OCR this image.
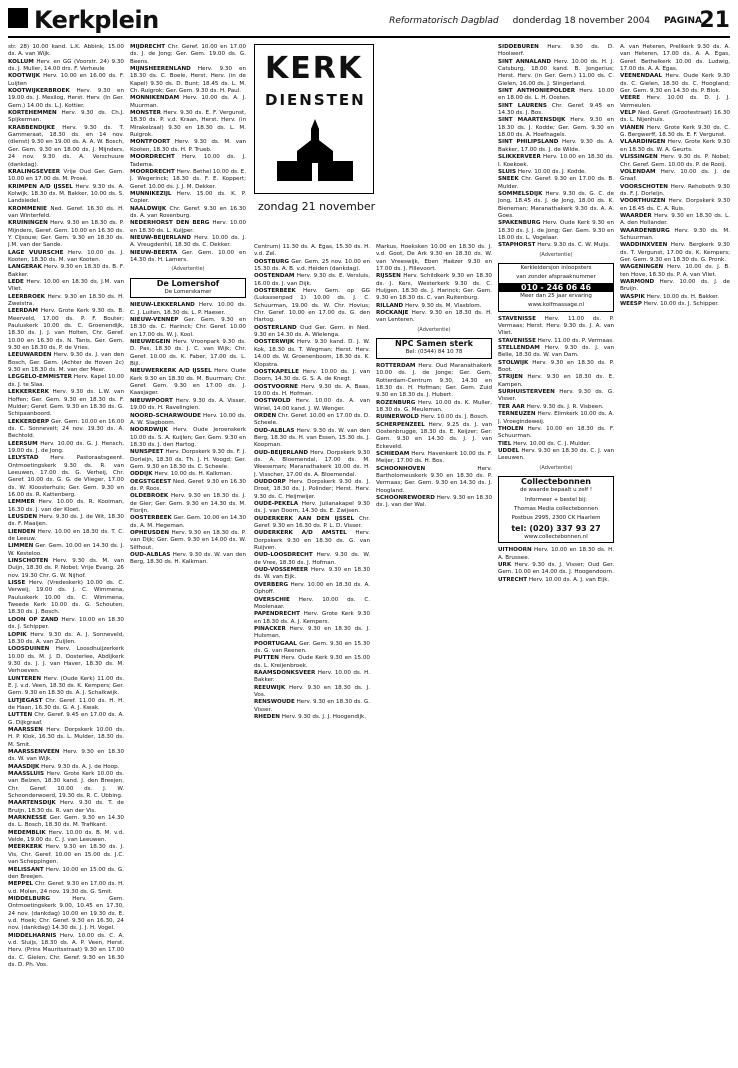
Kerkplein	Reformatorisch Dagblad donderdag 18 november 2004 PAGINA
21

str. 28) 10.00 kand. L.K. Abbink, 15.00 ds. A. van Wijk.

KOLLUM Herv. en GG (Voorstr. 24) 9.30 ds. J. Muller, 14.00 drs. F. Verheule

KOOTWIJK Herv. 10.00 en 16.00 ds. F. Luijten

KOOTWIJKERBROEK Herv. 9.30 en 19.00 ds. J. Mesilog, Herst. Herv. (In Ger. Gem.) 14.00 ds. L.J. Kottier.

KORTEHEMMEN Herv. 9.30 ds. Ch.J. Spijkerman.

KRABBENDIJKE Herv. 9.30 ds. T. Gammeraat, 18.30 ds. en 14 nov. (dienst) 9.30 en 19.00 ds. A. A. W. Bosch, Ger. Gem. 9.30 en 18.00 ds. J. Mijnders, 24 nov. 9.30 ds. A. Verschuure (dankdag).

KRALINGSEVEER Vrije Oud Ger. Gem. 10.00 en 17.00 ds. M. Prosé.

KRIMPEN A/D IJSSEL Herv. 9.30 ds. A. Kolwijk, 18.30 ds. M. Bakker, 10.00 ds. S. Landsiedel.

KROMMENIE Ned. Geref. 16.30 ds. H. van Winterfeld.

KRUININGEN Herv. 9.30 en 18.30 ds. P. Mijnders, Geref. Gem. 10.00 en 16.30 ds. Y. Cijsouw; Ger. Gem. 9.30 en 18.30 ds. J.M. van der Sande.

LAGE VUURSCHE Herv. 10.00 ds. J. Kooten, 18.30 ds. M. van Kooten.

LANGERAK Herv. 9.30 en 18.30 ds. B. F. Bakker.

LEDE Herv. 10.00 en 18.30 ds. J.M. van Vliet.

LEERBROEK Herv. 9.30 en 18.30 ds. H. Zweistra.

LEERDAM Herv. Grote Kerk 9.30 ds. B. Meerveld, 17.00 ds. P. F. Bouter; Pauluskerk 10.00 ds. C. Groenendijk, 18.30 ds. J. J. van Holten, Chr. Geref. 10.00 en 16.30 ds. N. Tanis, Ger. Gem. 9.30 en 18.30 ds. P. de Vries.

LEEUWARDEN Herv. 9.30 ds. J. van den Bosch, Ger. Gem. (Achter de Hoven 2c) 9.30 en 18.30 ds. M. van der Meer.

LEGGELO-EMMISTER Herv. Kapel 10.00 ds. J. te Slaa.

LEKKERKERK Herv. 9.30 ds. L.W. van Hoffen; Ger. Gem. 9.30 en 18.30 ds. F. Mulder; Geref. Gem. 9.30 en 18.30 ds. G. Schipaanboord.

LEKKERDERP Ger. Gem. 10.00 en 16.00 ds. C. Sonnevelt; 24 nov. 19.30 ds. A. Bechtold.

LEERSUM Herv. 10.00 ds. G. J. Hensch, 19.00 ds. J. de Jong.

LELYSTAD Herv. Pastoraatsgeent. Ontmoetingskerk 9.30 ds. R. van Leeuwen, 17.00 ds. G. Verheij, Chr. Geref. 10.00 ds. G. G. de Vlieger, 17.00 ds. W. Kloosterhuis; Ger. Gem. 9.30 en 16.00 ds. R. Kattenberg.

LEMMER Herv. 10.00 ds. R. Kooiman, 16.30 ds. J. van der Kloet.

LEUSDEN Herv. 9.30 ds. J. de Wit, 18.30 ds. F. Maaijen.

LIENDEN Herv. 10.00 en 18.30 ds. T. C. de Leeuw.

LIMMEN Ger. Gem. 10.00 en 14.30 ds. J. W. Kesteloo.

LINSCHOTEN Herv. 9.30 ds. M. van Duijn, 18.30 ds. P. Nobel; Vrije Evang. 26 nov. 19.30 Chr. G. W. Nijhof.

LISSE Herv. (Vredeskerk) 10.00 ds. C. Verweij, 19.00 ds. J. C. Wimmena, Pauluskerk 10.00 ds. C. Wimmena, Tweede Kerk 10.00 ds. G. Schouten, 18.30 ds. J. Bosch.

LOON OP ZAND Herv. 10.00 en 18.30 ds. J. Schipper.

LOPIK Herv. 9.30 ds. A. J. Sonneveld, 18.30 ds. A. van Zuijlen.

LOOSDUINEN Herv. Loosdhuijzerkerk 10.00 ds. M. J. D. Oosterlee, Abdijkerk 9.30 ds. J. J. van Haver, 18.30 ds. M. Verhoeven.

LUNTEREN Herv. (Oude Kerk) 11.00 ds. E. J. v.d. Veen, 18.30 ds. K. Kempers; Ger. Gem. 9.30 en 18.30 ds. A. J. Schalkwijk.

LUTJEGAST Chr. Geref. 11.00 ds. H. H. de Haan, 16.30 ds. G. A. J. Kwak.

LUTTEN Chr. Geref. 9.45 en 17.00 ds. A. G. Dijkgraaf.

MAARSSEN Herv. Dorpskerk 10.00 ds. H. P. Klok, 16.30 ds. L. Mulder, 18.30 ds. M. Smit.

MAARSSENVEEN Herv. 9.30 en 18.30 ds. W. van Wijk.

MAASDIJK Herv. 9.30 ds. A. J. de Hoop.

MAASSLUIS Herv. Grote Kerk 10.00 ds. van Belzen, 18.30 kand. J. den Breejen, Chr. Geref. 10.00 ds. J. W. Schoonderwoerd, 19.30 ds. R. C. Ubbing.

MAARTENSDIJK Herv. 9.30 ds. T. de Bruijn, 18.30 ds. R. van der Vis.

MARKNESSE Ger. Gem. 9.30 en 14.30 ds. L. Bosch, 18.30 ds. M. Trafikant.

MEDEMBLIK Herv. 10.00 ds. B. M. v.d. Velde, 19.00 ds. C. J. van Leeuwen.

MEERKERK Herv. 9.30 en 18.30 ds. J. Vis, Chr. Geref. 10.00 en 15.00 ds. J.C. van Scheppingen.

MELISSANT Herv. 10.00 en 15.00 ds. G. den Breejen.

MEPPEL Chr. Geref. 9.30 en 17.00 ds. H. v.d. Molen, 24 nov. 19.30 ds. G. Smit.

MIDDELBURG Herv. Gem. Ontmoetingskerk 9.00, 10.45 en 17.30, 24 nov. (dankdag) 10.00 en 19.30 ds. E. v.d. Hoek; Chr. Geref. 9.30 en 16.30, 24 nov. (dankdag) 14.30 ds. J. J. H. Vogel.

MIDDELHARNIS Herv. 10.00 ds. C. A. v.d. Sluijs, 18.30 ds. A. P. Veen, Herst. Herv. (Prins Mauritsstraat) 9.30 en 17.00 ds. C. Gielen, Chr. Geref. 9.30 en 16.30 ds. D. Ph. Vos.

MIJDRECHT Chr. Geref. 10.00 en 17.00 ds. J. de Jong; Ger. Gem. 19.00 ds. G. Beens.

MIJNSHEERENLAND Herv. 9.30 en 18.30 ds. C. Boele, Herst. Herv. (in de Kapel) 9.30 ds. D. Bunt; 18.45 ds. L. M. Ch. Ruigrok; Ger. Gem. 9.30 ds. H. Paul.

MONNIKENDAM Herv. 10.00 ds. A. J. Muurman.

MONSTER Herv. 9.30 ds. E. F. Vergunst, 18.30 ds. P. v.d. Kraan, Herst. Herv. (in Mirakelzaal) 9.30 en 18.30 ds. L. M. Ruigrok.

MONTFOORT Herv. 9.30 ds. M. van Kooten, 18.30 ds. H. P. Trueb.

MOORDRECHT Herv. 10.00 ds. J. Tadema.

MOORDRECHT Herv. Bethel 10.00 ds. E. J. Wegerinck; 18.30 ds. F. E. Koppert; Geref. 10.00 ds. J. J. M. Dekker.

MUNNIKEZIJL Herv. 15.00 ds. K. P. Copier.

NAALDWIJK Chr. Geref. 9.30 en 16.30 ds. A. van Rosenburg.

NEDERHORST DEN BERG Herv. 10.00 en 18.30 ds. L. Kuijper.

NIEUW-BEIJERLAND Herv. 10.00 ds. J. A. Vreugdenhil, 18.30 ds. C. Dekker.

NIEUW-BEERTA Ger. Gem. 10.00 en 14.30 ds. H. Lamers.

(Advertentie)
De Lomershof
De Lomerskamer

NIEUW-LEKKERLAND Herv. 10.00 ds. C. J. Luiten, 18.30 ds. L. P. Haeser.

NIEUW-VENNEP Ger. Gem. 9.30 en 18.30 ds. C. Harinck; Chr. Geref. 10.00 en 17.00 ds. W. J. Kool.

NIEUWEGEIN Herv. Vroonpark 9.30 ds. D. Pas, 18.30 ds. J. C. van Wijk; Chr. Geref. 10.00 ds. K. Faber, 17.00 ds. L. Bijl.

NIEUWERKERK A/D IJSSEL Herv. Oude Kerk 9.30 en 18.30 ds. M. Buurman; Chr. Geref. Gem. 9.30 en 17.00 ds. J. Kaasjager.

NIEUWPOORT Herv. 9.30 ds. A. Visser, 19.00 ds. H. Ravelingien.

NOORD-SCHARWOUDE Herv. 10.00 ds. A. W. Slagboom.

NOORDWIJK Herv. Oude Jeroenskerk 10.00 ds. S. A. Kuijlen; Ger. Gem. 9.30 en 18.30 ds. J. den Hartog.

NUNSPEET Herv. Dorpskerk 9.30 ds. F. J. Dorleijn, 18.30 ds. Th. J. H. Voogd; Ger. Gem. 9.30 en 18.30 ds. C. Scheele.

ODDIJK Herv. 10.00 ds. H. Kalkman.

OEGSTGEEST Ned. Geref. 9.30 en 16.30 ds. P. Roos.

OLDEBROEK Herv. 9.30 en 18.30 ds. J. de Gier; Ger. Gem. 9.30 en 14.30 ds. M. Florijn.

OOSTERBEEK Ger. Gem. 10.00 en 14.30 ds. A. M. Hegeman.

OPHEUSDEN Herv. 9.30 en 18.30 ds. P. van Dijk; Ger. Gem. 9.30 en 14.00 ds. W. Silfhout.

OUD-ALBLAS Herv. 9.30 ds. W. van den Berg, 18.30 ds. H. Kalkman.

Centrum) 11.30 ds. A. Egas, 15.30 ds. H. v.d. Zel.

OOSTBURG Ger. Gem. 25 nov. 10.00 en 15.30 ds. A. B. v.d. Heiden (dankdag).

OOSTENDAM Herv. 9.30 ds. E. Versluis, 16.00 ds. J. van Dijk.

OOSTERBEEK Herv. Gem. op GG (Lukassenpad 1) 10.00 ds. J. C. Schuurman, 19.00 ds. W. Chr. Hovius; Chr. Geref. 10.00 en 17.00 ds. G. den Hartog.

OOSTERLAND Oud Ger. Gem. in Ned. 9.30 en 14.30 ds. A. Wielenga.

OOSTERWIJK Herv. 9.30 kand. D. J. W. Kok, 18.30 ds. T. Wegman; Herst. Herv. 14.00 ds. W. Groenenboom, 18.30 ds. K. Klopstra.

OOSTKAPELLE Herv. 10.00 ds. J. van Doorn, 14.30 ds. G. S. A. de Knegt.

OOSTVOORNE Herv. 9.30 ds. A. Baas, 19.00 ds. H. Hofman.

OOSTWOLD Herv. 10.00 ds. A. van Wiriel, 14.00 kand. J. W. Wenger.

ORDEN Chr. Geref. 10.00 en 17.00 ds. D. Scheele.

OUD-ALBLAS Herv. 9.30 ds. W. van den Berg, 18.30 ds. H. van Essen, 15.30 ds. J. Koopman.

OUD-BEIJERLAND Herv. Dorpskerk 9.30 ds. A. Bloemendal, 17.00 ds. M. Weeseman; Maranathakerk 10.00 ds. H. J. Visscher, 17.00 ds. A. Bloemendal.

OUDDORP Herv. Dorpskerk 9.30 ds. J. Drost, 18.30 ds. J. Polinder; Herst. Herv. 9.30 ds. C. Heijmeijer.

OUDE-PEKELA Herv. Julianakapel 9.30 ds. J. van Doorn, 14.30 ds. E. Zwijsen.

OUDERKERK AAN DEN IJSSEL Chr. Geref. 9.30 en 16.30 ds. P. L. D. Visser.

OUDERKERK A/D AMSTEL Herv. Dorpskerk 9.30 en 18.30 ds. G. van Ruijven.

OUD-LOOSDRECHT Herv. 9.30 ds. W. de Vree, 18.30 ds. J. Hofman.

OUD-VOSSEMEER Herv. 9.30 en 18.30 ds. W. van Eijk.

OVERBERG Herv. 10.00 en 18.30 ds. A. Ophoff.

OVERSCHIE Herv. 10.00 ds. C. Moolenaar.

PAPENDRECHT Herv. Grote Kerk 9.30 en 18.30 ds. A. J. Kempers.

PINACKER Herv. 9.30 en 18.30 ds. J. Hulsman.

POORTUGAAL Ger. Gem. 9.30 en 15.30 ds. G. van Reenen.

PUTTEN Herv. Oude Kerk 9.30 en 15.00 ds. L. Kreijenbroek.

RAAMSDONKSVEER Herv. 10.00 ds. H. Bakker.

REEUWIJK Herv. 9.30 en 18.30 ds. J. Vos.

RENSWOUDE Herv. 9.30 en 18.30 ds. G. Visser.

RHEDEN Herv. 9.30 ds. J. J. Hoogendijk.

Markus, Hoeksken 10.00 en 18.30 ds. J. v.d. Goot, De Ark 9.30 en 18.30 ds. W. van Vreeswijk, Eben Haëzer 9.30 en 17.00 ds. J. Fillevoort.

RIJSSEN Herv. Schildkerk 9.30 en 18.30 ds. J. Kers, Westerkerk 9.30 ds. C. Huijgen, 18.30 ds. J. Harinck; Ger. Gem. 9.30 en 18.30 ds. C. van Ruitenburg.

RILLAND Herv. 9.30 ds. M. Vlasblom.

ROCKANJE Herv. 9.30 en 18.30 ds. H. van Lenteren.

(Advertentie)
NPC Samen sterk
Bel: (0344) 84 10 78

ROTTERDAM Herv. Oud Maranathakerk 10.00 ds. J. de Jonge; Ger. Gem. Rotterdam-Centrum 9.30, 14.30 en 18.30 ds. H. Hofman; Ger. Gem. Zuid 9.30 en 18.30 ds. J. Hubert.

ROZENBURG Herv. 10.00 ds. K. Muller, 18.30 ds. G. Meuleman.

RUINERWOLD Herv. 10.00 ds. J. Bosch.

SCHERPENZEEL Herv. 9.25 ds. J. van Oostenbrugge, 18.30 ds. E. Keijzer; Ger. Gem. 9.30 en 14.30 ds. J. J. van Eckeveld.

SCHIEDAM Herv. Havenkerk 10.00 ds. F. Meijer, 17.00 ds. H. Bos.

SCHOONHOVEN Herv. Bartholomeuskerk 9.30 en 18.30 ds. P. Vermaas; Ger. Gem. 9.30 en 14.30 ds. J. Hoogland.

SCHOONREWOERD Herv. 9.30 en 18.30 ds. J. van der Wal.

KERK
DIENSTEN
zondag 21 november

SIDDEBUREN Herv. 9.30 ds. D. Hoolwerf.

SINT ANNALAND Herv. 10.00 ds. H. J. Catsburg, 18.00 kand. B. Jongerius; Herst. Herv. (in Ger. Gem.) 11.00 ds. C. Gielen, 16.00 ds. J. Slingerland.

SINT ANTHONIEPOLDER Herv. 10.00 en 18.00 ds. L. H. Oosten.

SINT LAURENS Chr. Geref. 9.45 en 14.30 ds. J. Bos.

SINT MAARTENSDIJK Herv. 9.30 en 18.30 ds. J. Kodde; Ger. Gem. 9.30 en 18.00 ds. A. Hoefnagels.

SINT PHILIPSLAND Herv. 9.30 ds. A. Bakker, 17.00 ds. J. de Wilde.

SLIKKERVEER Herv. 10.00 en 18.30 ds. I. Koekoek.

SLUIS Herv. 10.00 ds. J. Kodde.

SNEEK Chr. Geref. 9.30 en 17.00 ds. B. Mulder.

SOMMELSDIJK Herv. 9.30 ds. G. C. de Jong, 18.45 ds. J. de Jong, 18.00 ds. K. Bieneman; Maranathakerk 9.30 ds. A. A. Goes.

SPAKENBURG Herv. Oude Kerk 9.30 en 18.30 ds. J. J. de Jong; Ger. Gem. 9.30 en 18.00 ds. L. Vogelaar.

STAPHORST Herv. 9.30 ds. C. W. Muijs.

(Advertentie)
Kerkleidersjon inloopsters
van zonder afspraaknummer
010 - 246 06 46
Meer dan 25 jaar ervaring
www.kolfmassage.nl

STAVENISSE Herv. 11.00 ds. P. Vermaas; Herst. Herv. 9.30 ds. J. A. van Vliet.

STAVENISSE Herv. 11.00 ds. P. Vermaas.

STELLENDAM Herv. 9.30 ds. J. van Belle, 18.30 ds. W. van Dam.

STOLWIJK Herv. 9.30 en 18.30 ds. P. Boot.

STRIJEN Herv. 9.30 en 18.30 ds. E. Kampen.

SURHUISTERVEEN Herv. 9.30 ds. G. Visser.

TER AAR Herv. 9.30 ds. J. R. Visbeen.

TERNEUZEN Herv. Elimkerk 10.00 ds. A. J. Vroegindeweij.

THOLEN Herv. 10.00 en 18.30 ds. F. Schuurman.

TIEL Herv. 10.00 ds. C. J. Mulder.

UDDEL Herv. 9.30 en 18.30 ds. C. J. van Leeuwen.

(Advertentie)
Collectebonnen
de waarde bepaalt u zelf !
Informeer + bestel bij:
Thomas Media collectebonnen
Postbus 2995, 2300 CK Haarlem
tel: (020) 337 93 27
www.collectebonnen.nl

UITHOORN Herv. 10.00 en 18.30 ds. H. A. Brussee.

URK Herv. 9.30 ds. J. Visser; Oud Ger. Gem. 10.00 en 14.00 ds. J. Hoogendoorn.

UTRECHT Herv. 10.00 ds. A. J. van Eijk.

A. van Heteren, Prelikerk 9.30 ds. A. van Heteren, 17.00 ds. A. A. Egas, Geref. Bethelkerk 10.00 ds. Ludwig, 17.00 ds. A. A. Egas.

VEENENDAAL Herv. Oude Kerk 9.30 ds. C. Gielen, 18.30 ds. C. Hoogland; Ger. Gem. 9.30 en 14.30 ds. P. Blok.

VEERE Herv. 10.00 ds. D. J. J. Vermeulen.

VELP Ned. Geref. (Grootestraat) 16.30 ds. L. Nijenhuis.

VIANEN Herv. Grote Kerk 9.30 ds. C. G. Bergwerff, 18.30 ds. E. F. Vergunst.

VLAARDINGEN Herv. Grote Kerk 9.30 en 18.30 ds. W. A. Geurts.

VLISSINGEN Herv. 9.30 ds. P. Nobel; Chr. Geref. Gem. 10.00 ds. P. de Rooij.

VOLENDAM Herv. 10.00 ds. J. de Graaf.

VOORSCHOTEN Herv. Rehoboth 9.30 ds. F. J. Dorleijn.

VOORTHUIZEN Herv. Dorpskerk 9.30 en 18.45 ds. C. A. Ruis.

WAARDER Herv. 9.30 en 18.30 ds. L. A. den Hollander.

WAARDENBURG Herv. 9.30 ds. M. Schuurman.

WADDINXVEEN Herv. Bergkerk 9.30 ds. T. Vergunst, 17.00 ds. K. Kempers; Ger. Gem. 9.30 en 18.30 ds. G. Pronk.

WAGENINGEN Herv. 10.00 ds. J. B. ten Hove, 18.30 ds. P. A. van Vliet.

WARMOND Herv. 10.00 ds. J. de Bruijn.

WASPIK Herv. 10.00 ds. H. Bakker.

WEESP Herv. 10.00 ds. J. Schipper.
